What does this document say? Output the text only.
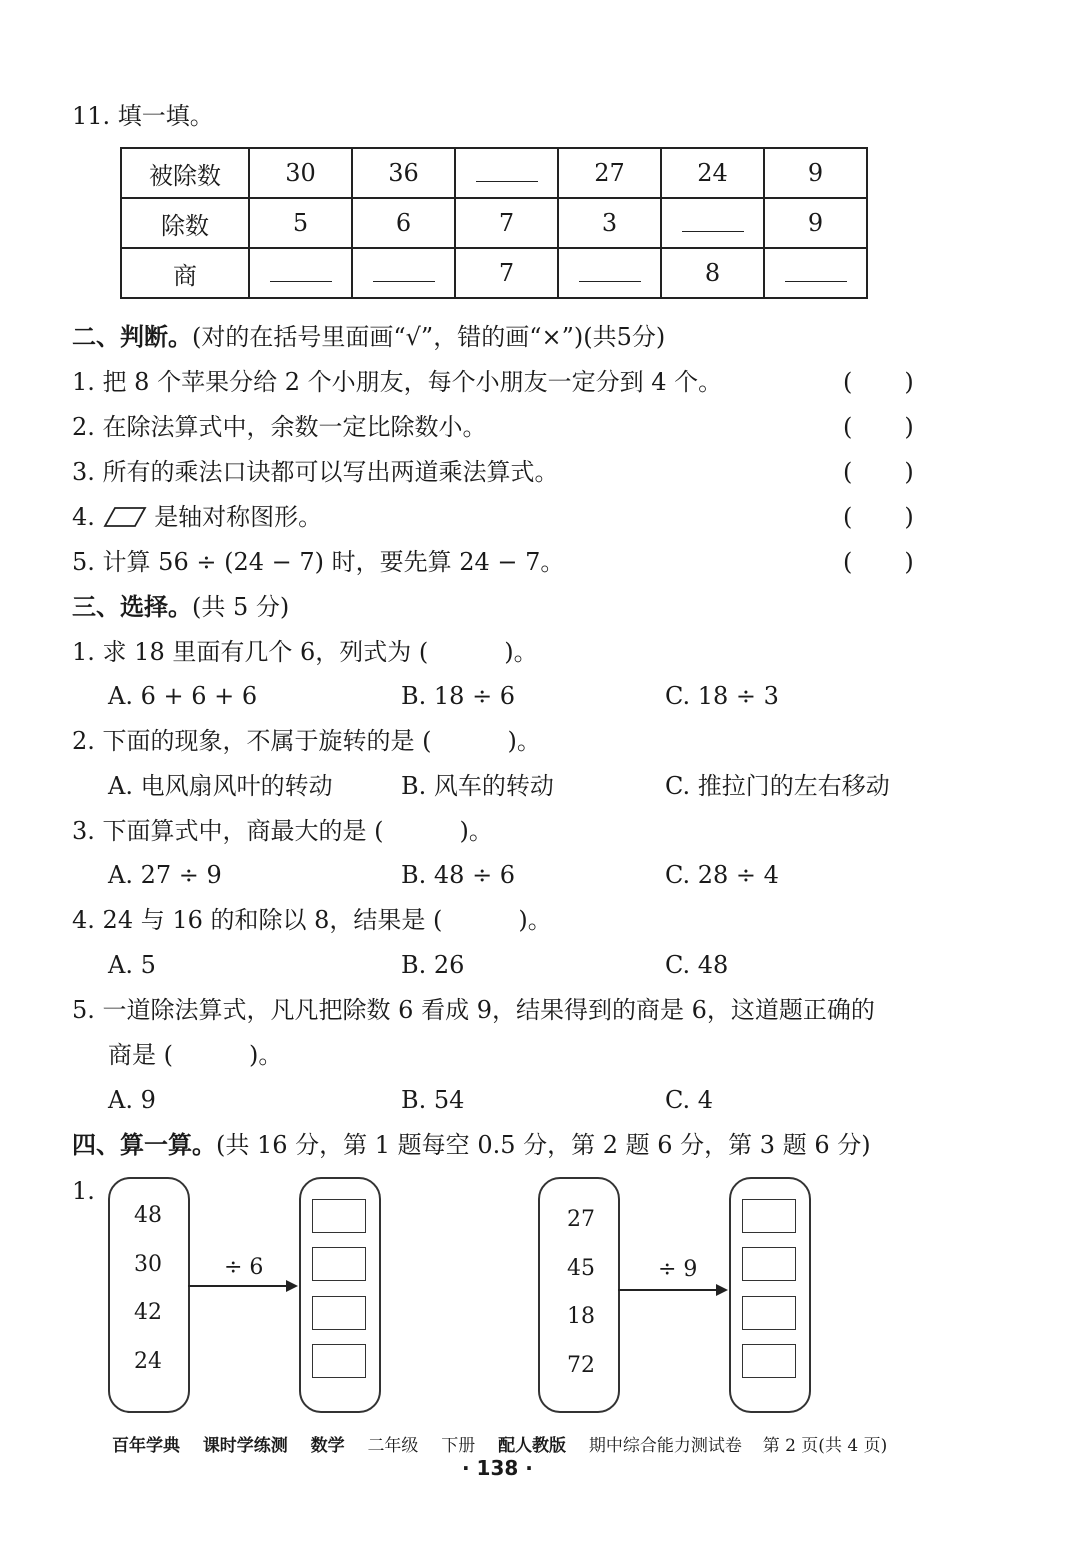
11. 填一填。
被除数	30	36		27	24	9
除数	5	6	7	3		9
商			7		8	
二、判断。(对的在括号里面画“√”，错的画“×”)(共5分)
1. 把 8 个苹果分给 2 个小朋友，每个小朋友一定分到 4 个。
2. 在除法算式中，余数一定比除数小。
3. 所有的乘法口诀都可以写出两道乘法算式。
4. 是轴对称图形。
5. 计算 56 ÷ (24 − 7) 时，要先算 24 − 7。
( )
( )
( )
( )
( )
三、选择。(共 5 分)
1. 求 18 里面有几个 6，列式为 (	)。
A. 6 + 6 + 6	B. 18 ÷ 6	C. 18 ÷ 3
2. 下面的现象，不属于旋转的是 (	)。
A. 电风扇风叶的转动	B. 风车的转动	C. 推拉门的左右移动
3. 下面算式中，商最大的是 (	)。
A. 27 ÷ 9	B. 48 ÷ 6	C. 28 ÷ 4
4. 24 与 16 的和除以 8，结果是 (	)。
A. 5	B. 26	C. 48
5. 一道除法算式，凡凡把除数 6 看成 9，结果得到的商是 6，这道题正确的
商是 (	)。
A. 9	B. 54	C. 4
四、算一算。(共 16 分，第 1 题每空 0.5 分，第 2 题 6 分，第 3 题 6 分)
1.
48
30
42
24
÷ 6
27
45
18
72
÷ 9
百年学典 课时学练测 数学 二年级 下册 配人教版 期中综合能力测试卷 第 2 页(共 4 页)
· 138 ·
